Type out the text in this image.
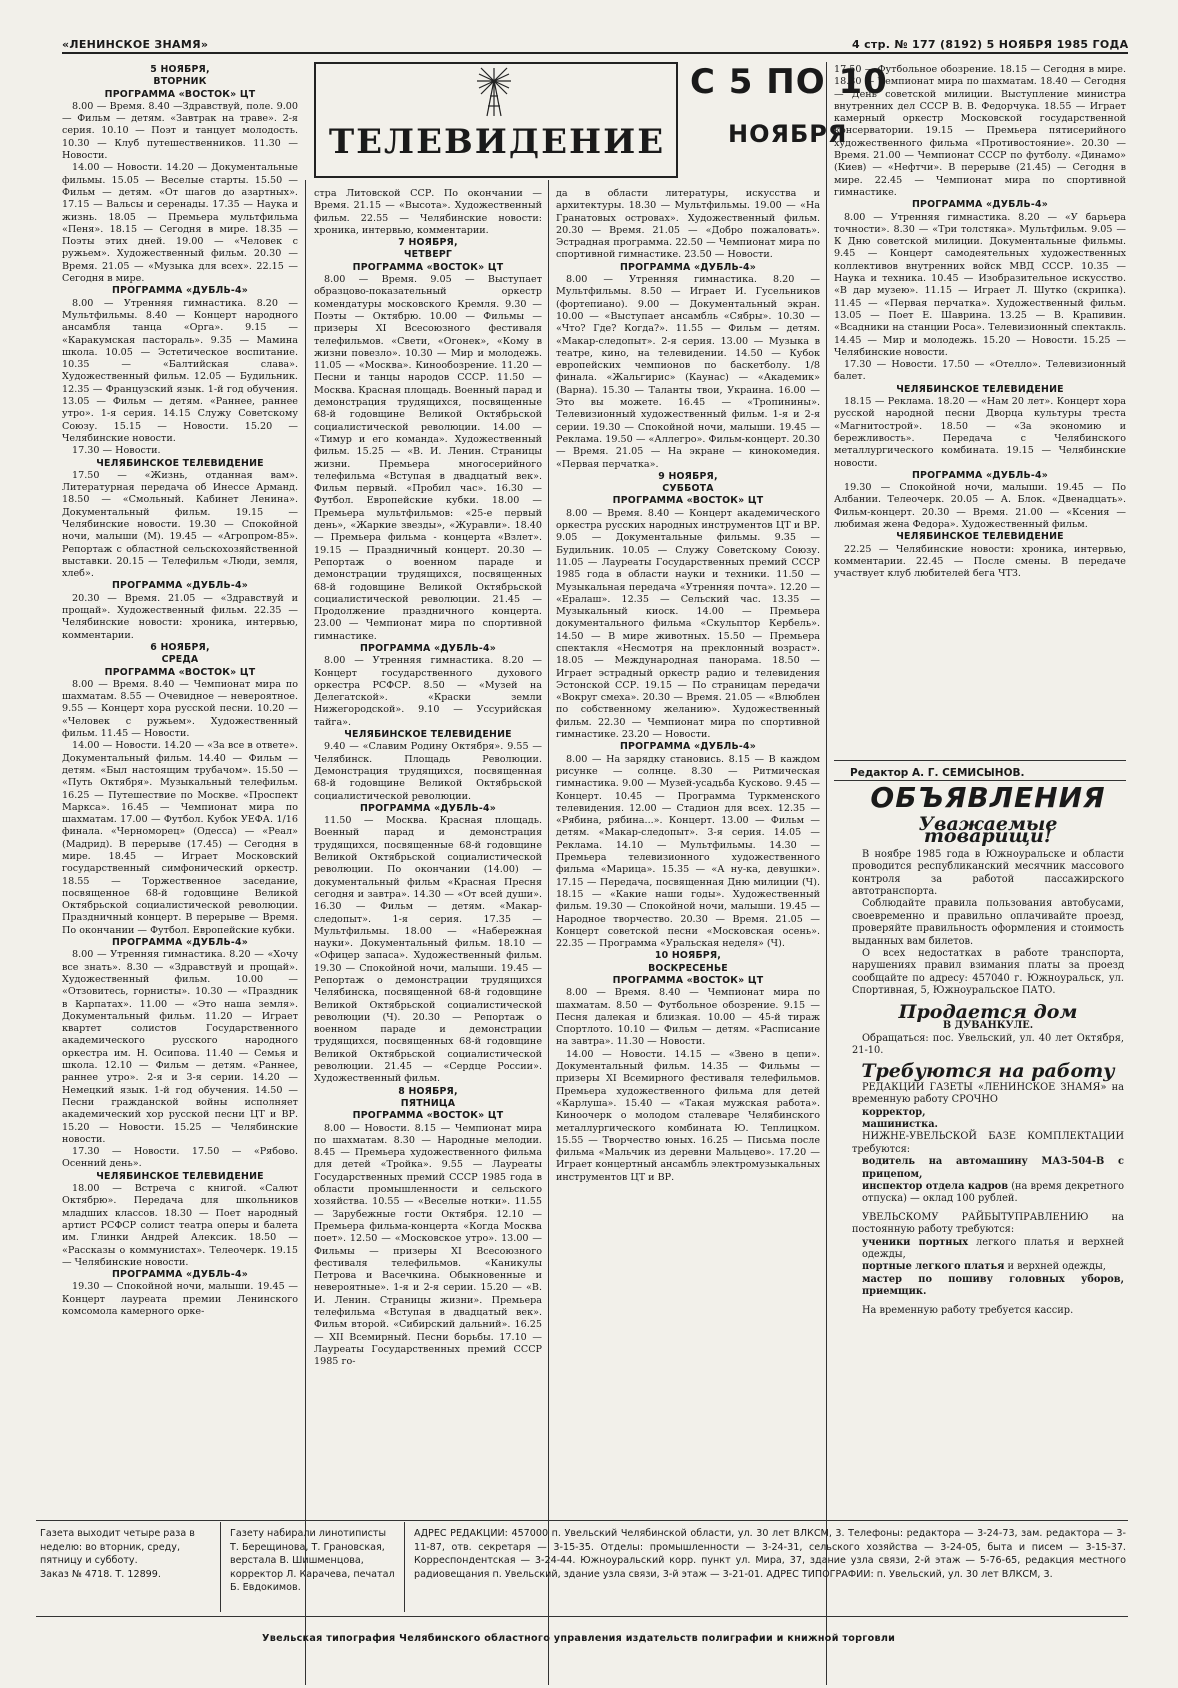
«ЛЕНИНСКОЕ ЗНАМЯ»	4 стр. № 177 (8192) 5 НОЯБРЯ 1985 ГОДА
ТЕЛЕВИДЕНИЕ
С 5 ПО 10
НОЯБРЯ
5 НОЯБРЯ,
ВТОРНИК
ПРОГРАММА «ВОСТОК» ЦТ

8.00 — Время. 8.40 —Здравствуй, поле. 9.00 — Фильм — детям. «Завтрак на траве». 2-я серия. 10.10 — Поэт и танцует молодость. 10.30 — Клуб путешественников. 11.30 — Новости.

14.00 — Новости. 14.20 — Документальные фильмы. 15.05 — Веселые старты. 15.50 — Фильм — детям. «От шагов до азартных». 17.15 — Вальсы и серенады. 17.35 — Наука и жизнь. 18.05 — Премьера мультфильма «Пеня». 18.15 — Сегодня в мире. 18.35 — Поэты этих дней. 19.00 — «Человек с ружьем». Художественный фильм. 20.30 — Время. 21.05 — «Музыка для всех». 22.15 — Сегодня в мире.

ПРОГРАММА «ДУБЛЬ-4»

8.00 — Утренняя гимнастика. 8.20 — Мультфильмы. 8.40 — Концерт народного ансамбля танца «Орга». 9.15 — «Каракумская пастораль». 9.35 — Мамина школа. 10.05 — Эстетическое воспитание. 10.35 — «Балтийская слава». Художественный фильм. 12.05 — Будильник. 12.35 — Французский язык. 1-й год обучения. 13.05 — Фильм — детям. «Раннее, раннее утро». 1-я серия. 14.15 Служу Советскому Союзу. 15.15 — Новости. 15.20 — Челябинские новости.

17.30 — Новости.

ЧЕЛЯБИНСКОЕ ТЕЛЕВИДЕНИЕ

17.50 — «Жизнь, отданная вам». Литературная передача об Инессе Арманд. 18.50 — «Смольный. Кабинет Ленина». Документальный фильм. 19.15 — Челябинские новости. 19.30 — Спокойной ночи, малыши (М). 19.45 — «Агропром-85». Репортаж с областной сельскохозяйственной выставки. 20.15 — Телефильм «Люди, земля, хлеб».

ПРОГРАММА «ДУБЛЬ-4»

20.30 — Время. 21.05 — «Здравствуй и прощай». Художественный фильм. 22.35 — Челябинские новости: хроника, интервью, комментарии.

6 НОЯБРЯ,
СРЕДА
ПРОГРАММА «ВОСТОК» ЦТ

8.00 — Время. 8.40 — Чемпионат мира по шахматам. 8.55 — Очевидное — невероятное. 9.55 — Концерт хора русской песни. 10.20 — «Человек с ружьем». Художественный фильм. 11.45 — Новости.

14.00 — Новости. 14.20 — «За все в ответе». Документальный фильм. 14.40 — Фильм — детям. «Был настоящим трубачом». 15.50 — «Путь Октября». Музыкальный телефильм. 16.25 — Путешествие по Москве. «Проспект Маркса». 16.45 — Чемпионат мира по шахматам. 17.00 — Футбол. Кубок УЕФА. 1/16 финала. «Черноморец» (Одесса) — «Реал» (Мадрид). В перерыве (17.45) — Сегодня в мире. 18.45 — Играет Московский государственный симфонический оркестр. 18.55 — Торжественное заседание, посвященное 68-й годовщине Великой Октябрьской социалистической революции. Праздничный концерт. В перерыве — Время. По окончании — Футбол. Европейские кубки.

ПРОГРАММА «ДУБЛЬ-4»

8.00 — Утренняя гимнастика. 8.20 — «Хочу все знать». 8.30 — «Здравствуй и прощай». Художественный фильм. 10.00 — «Отзовитесь, горнисты». 10.30 — «Праздник в Карпатах». 11.00 — «Это наша земля». Документальный фильм. 11.20 — Играет квартет солистов Государственного академического русского народного оркестра им. Н. Осипова. 11.40 — Семья и школа. 12.10 — Фильм — детям. «Раннее, раннее утро». 2-я и 3-я серии. 14.20 — Немецкий язык. 1-й год обучения. 14.50 — Песни гражданской войны исполняет академический хор русской песни ЦТ и ВР. 15.20 — Новости. 15.25 — Челябинские новости.

17.30 — Новости. 17.50 — «Рябово. Осенний день».

ЧЕЛЯБИНСКОЕ ТЕЛЕВИДЕНИЕ

18.00 — Встреча с книгой. «Салют Октябрю». Передача для школьников младших классов. 18.30 — Поет народный артист РСФСР солист театра оперы и балета им. Глинки Андрей Алексик. 18.50 — «Рассказы о коммунистах». Телеочерк. 19.15 — Челябинские новости.

ПРОГРАММА «ДУБЛЬ-4»

19.30 — Спокойной ночи, малыши. 19.45 — Концерт лауреата премии Ленинского комсомола камерного орке-

стра Литовской ССР. По окончании — Время. 21.15 — «Высота». Художественный фильм. 22.55 — Челябинские новости: хроника, интервью, комментарии.

7 НОЯБРЯ,
ЧЕТВЕРГ
ПРОГРАММА «ВОСТОК» ЦТ

8.00 — Время. 9.05 — Выступает образцово-показательный оркестр комендатуры московского Кремля. 9.30 — Поэты — Октябрю. 10.00 — Фильмы — призеры XI Всесоюзного фестиваля телефильмов. «Свети, «Огонек», «Кому в жизни повезло». 10.30 — Мир и молодежь. 11.05 — «Москва». Кинообозрение. 11.20 — Песни и танцы народов СССР. 11.50 — Москва. Красная площадь. Военный парад и демонстрация трудящихся, посвященные 68-й годовщине Великой Октябрьской социалистической революции. 14.00 — «Тимур и его команда». Художественный фильм. 15.25 — «В. И. Ленин. Страницы жизни. Премьера многосерийного телефильма «Вступая в двадцатый век». Фильм первый. «Пробил час». 16.30 — Футбол. Европейские кубки. 18.00 — Премьера мультфильмов: «25-е первый день», «Жаркие звезды», «Журавли». 18.40 — Премьера фильма - концерта «Взлет». 19.15 — Праздничный концерт. 20.30 — Репортаж о военном параде и демонстрации трудящихся, посвященных 68-й годовщине Великой Октябрьской социалистической революции. 21.45 — Продолжение праздничного концерта. 23.00 — Чемпионат мира по спортивной гимнастике.

ПРОГРАММА «ДУБЛЬ-4»

8.00 — Утренняя гимнастика. 8.20 — Концерт государственного духового оркестра РСФСР. 8.50 — «Музей на Делегатской». «Краски земли Нижегородской». 9.10 — Уссурийская тайга».

ЧЕЛЯБИНСКОЕ ТЕЛЕВИДЕНИЕ

9.40 — «Славим Родину Октября». 9.55 — Челябинск. Площадь Революции. Демонстрация трудящихся, посвященная 68-й годовщине Великой Октябрьской социалистической революции.

ПРОГРАММА «ДУБЛЬ-4»

11.50 — Москва. Красная площадь. Военный парад и демонстрация трудящихся, посвященные 68-й годовщине Великой Октябрьской социалистической революции. По окончании (14.00) — документальный фильм «Красная Пресня сегодня и завтра». 14.30 — «От всей души». 16.30 — Фильм — детям. «Макар-следопыт». 1-я серия. 17.35 — Мультфильмы. 18.00 — «Набережная науки». Документальный фильм. 18.10 — «Офицер запаса». Художественный фильм. 19.30 — Спокойной ночи, малыши. 19.45 — Репортаж о демонстрации трудящихся Челябинска, посвященной 68-й годовщине Великой Октябрьской социалистической революции (Ч). 20.30 — Репортаж о военном параде и демонстрации трудящихся, посвященных 68-й годовщине Великой Октябрьской социалистической революции. 21.45 — «Сердце России». Художественный фильм.

8 НОЯБРЯ,
ПЯТНИЦА
ПРОГРАММА «ВОСТОК» ЦТ

8.00 — Новости. 8.15 — Чемпионат мира по шахматам. 8.30 — Народные мелодии. 8.45 — Премьера художественного фильма для детей «Тройка». 9.55 — Лауреаты Государственных премий СССР 1985 года в области промышленности и сельского хозяйства. 10.55 — «Веселые нотки». 11.55 — Зарубежные гости Октября. 12.10 — Премьера фильма-концерта «Когда Москва поет». 12.50 — «Московское утро». 13.00 — Фильмы — призеры XI Всесоюзного фестиваля телефильмов. «Каникулы Петрова и Васечкина. Обыкновенные и невероятные». 1-я и 2-я серии. 15.20 — «В. И. Ленин. Страницы жизни». Премьера телефильма «Вступая в двадцатый век». Фильм второй. «Сибирский дальний». 16.25 — XII Всемирный. Песни борьбы. 17.10 — Лауреаты Государственных премий СССР 1985 го-

да в области литературы, искусства и архитектуры. 18.30 — Мультфильмы. 19.00 — «На Гранатовых островах». Художественный фильм. 20.30 — Время. 21.05 — «Добро пожаловать». Эстрадная программа. 22.50 — Чемпионат мира по спортивной гимнастике. 23.50 — Новости.

ПРОГРАММА «ДУБЛЬ-4»

8.00 — Утренняя гимнастика. 8.20 — Мультфильмы. 8.50 — Играет И. Гусельников (фортепиано). 9.00 — Документальный экран. 10.00 — «Выступает ансамбль «Сябры». 10.30 — «Что? Где? Когда?». 11.55 — Фильм — детям. «Макар-следопыт». 2-я серия. 13.00 — Музыка в театре, кино, на телевидении. 14.50 — Кубок европейских чемпионов по баскетболу. 1/8 финала. «Жальгирис» (Каунас) — «Академик» (Варна). 15.30 — Таланты твои, Украина. 16.00 — Это вы можете. 16.45 — «Тропинины». Телевизионный художественный фильм. 1-я и 2-я серии. 19.30 — Спокойной ночи, малыши. 19.45 — Реклама. 19.50 — «Аллегро». Фильм-концерт. 20.30 — Время. 21.05 — На экране — кинокомедия. «Первая перчатка».

9 НОЯБРЯ,
СУББОТА
ПРОГРАММА «ВОСТОК» ЦТ

8.00 — Время. 8.40 — Концерт академического оркестра русских народных инструментов ЦТ и ВР. 9.05 — Документальные фильмы. 9.35 — Будильник. 10.05 — Служу Советскому Союзу. 11.05 — Лауреаты Государственных премий СССР 1985 года в области науки и техники. 11.50 — Музыкальная передача «Утренняя почта». 12.20 — «Ералаш». 12.35 — Сельский час. 13.35 — Музыкальный киоск. 14.00 — Премьера документального фильма «Скульптор Кербель». 14.50 — В мире животных. 15.50 — Премьера спектакля «Несмотря на преклонный возраст». 18.05 — Международная панорама. 18.50 — Играет эстрадный оркестр радио и телевидения Эстонской ССР. 19.15 — По страницам передачи «Вокруг смеха». 20.30 — Время. 21.05 — «Влюблен по собственному желанию». Художественный фильм. 22.30 — Чемпионат мира по спортивной гимнастике. 23.20 — Новости.

ПРОГРАММА «ДУБЛЬ-4»

8.00 — На зарядку становись. 8.15 — В каждом рисунке — солнце. 8.30 — Ритмическая гимнастика. 9.00 — Музей-усадьба Кусково. 9.45 — Концерт. 10.45 — Программа Туркменского телевидения. 12.00 — Стадион для всех. 12.35 — «Рябина, рябина...». Концерт. 13.00 — Фильм — детям. «Макар-следопыт». 3-я серия. 14.05 — Реклама. 14.10 — Мультфильмы. 14.30 — Премьера телевизионного художественного фильма «Марица». 15.35 — «А ну-ка, девушки». 17.15 — Передача, посвященная Дню милиции (Ч). 18.15 — «Какие наши годы». Художественный фильм. 19.30 — Спокойной ночи, малыши. 19.45 — Народное творчество. 20.30 — Время. 21.05 — Концерт советской песни «Московская осень». 22.35 — Программа «Уральская неделя» (Ч).

10 НОЯБРЯ,
ВОСКРЕСЕНЬЕ
ПРОГРАММА «ВОСТОК» ЦТ

8.00 — Время. 8.40 — Чемпионат мира по шахматам. 8.50 — Футбольное обозрение. 9.15 — Песня далекая и близкая. 10.00 — 45-й тираж Спортлото. 10.10 — Фильм — детям. «Расписание на завтра». 11.30 — Новости.

14.00 — Новости. 14.15 — «Звено в цепи». Документальный фильм. 14.35 — Фильмы — призеры XI Всемирного фестиваля телефильмов. Премьера художественного фильма для детей «Карлуша». 15.40 — «Такая мужская работа». Киноочерк о молодом сталеваре Челябинского металлургического комбината Ю. Теплицком. 15.55 — Творчество юных. 16.25 — Письма после фильма «Мальчик из деревни Мальцево». 17.20 — Играет концертный ансамбль электромузыкальных инструментов ЦТ и ВР.

17.50 — Футбольное обозрение. 18.15 — Сегодня в мире. 18.30 — Чемпионат мира по шахматам. 18.40 — Сегодня — День советской милиции. Выступление министра внутренних дел СССР В. В. Федорчука. 18.55 — Играет камерный оркестр Московской государственной консерватории. 19.15 — Премьера пятисерийного художественного фильма «Противостояние». 20.30 — Время. 21.00 — Чемпионат СССР по футболу. «Динамо» (Киев) — «Нефтчи». В перерыве (21.45) — Сегодня в мире. 22.45 — Чемпионат мира по спортивной гимнастике.

ПРОГРАММА «ДУБЛЬ-4»

8.00 — Утренняя гимнастика. 8.20 — «У барьера точности». 8.30 — «Три толстяка». Мультфильм. 9.05 — К Дню советской милиции. Документальные фильмы. 9.45 — Концерт самодеятельных художественных коллективов внутренних войск МВД СССР. 10.35 — Наука и техника. 10.45 — Изобразительное искусство. «В дар музею». 11.15 — Играет Л. Шутко (скрипка). 11.45 — «Первая перчатка». Художественный фильм. 13.05 — Поет Е. Шаврина. 13.25 — В. Крапивин. «Всадники на станции Роса». Телевизионный спектакль. 14.45 — Мир и молодежь. 15.20 — Новости. 15.25 — Челябинские новости.

17.30 — Новости. 17.50 — «Отелло». Телевизионный балет.

ЧЕЛЯБИНСКОЕ ТЕЛЕВИДЕНИЕ

18.15 — Реклама. 18.20 — «Нам 20 лет». Концерт хора русской народной песни Дворца культуры треста «Магнитострой». 18.50 — «За экономию и бережливость». Передача с Челябинского металлургического комбината. 19.15 — Челябинские новости.

ПРОГРАММА «ДУБЛЬ-4»

19.30 — Спокойной ночи, малыши. 19.45 — По Албании. Телеочерк. 20.05 — А. Блок. «Двенадцать». Фильм-концерт. 20.30 — Время. 21.00 — «Ксения — любимая жена Федора». Художественный фильм.

ЧЕЛЯБИНСКОЕ ТЕЛЕВИДЕНИЕ

22.25 — Челябинские новости: хроника, интервью, комментарии. 22.45 — После смены. В передаче участвует клуб любителей бега ЧТЗ.

Редактор А. Г. СЕМИСЫНОВ.
ОБЪЯВЛЕНИЯ
Уважаемые товарищи!

В ноябре 1985 года в Южноуральске и области проводится республиканский месячник массового контроля за работой пассажирского автотранспорта.

Соблюдайте правила пользования автобусами, своевременно и правильно оплачивайте проезд, проверяйте правильность оформления и стоимость выданных вам билетов.

О всех недостатках в работе транспорта, нарушениях правил взимания платы за проезд сообщайте по адресу: 457040 г. Южноуральск, ул. Спортивная, 5, Южноуральское ПАТО.

Продается дом
В ДУВАНКУЛЕ.

Обращаться: пос. Увельский, ул. 40 лет Октября, 21-10.

Требуются на работу

РЕДАКЦИИ ГАЗЕТЫ «ЛЕНИНСКОЕ ЗНАМЯ» на временную работу СРОЧНО

корректор,
машинистка.

НИЖНЕ-УВЕЛЬСКОЙ БАЗЕ КОМПЛЕКТАЦИИ требуются:

водитель на автомашину МАЗ-504-В с прицепом,
инспектор отдела кадров (на время декретного отпуска) — оклад 100 рублей.

УВЕЛЬСКОМУ РАЙБЫТУПРАВЛЕНИЮ на постоянную работу требуются:

ученики портных легкого платья и верхней одежды,
портные легкого платья и верхней одежды,
мастер по пошиву головных уборов, приемщик.

На временную работу требуется кассир.

Газета выходит четыре раза в неделю: во вторник, среду, пятницу и субботу.
Заказ № 4718. Т. 12899.
Газету набирали линотиписты Т. Берещинова, Т. Грановская, верстала В. Шишменцова, корректор Л. Карачева, печатал Б. Евдокимов.
АДРЕС РЕДАКЦИИ: 457000 п. Увельский Челябинской области, ул. 30 лет ВЛКСМ, 3. Телефоны: редактора — 3-24-73, зам. редактора — 3-11-87, отв. секретаря — 3-15-35. Отделы: промышленности — 3-24-31, сельского хозяйства — 3-24-05, быта и писем — 3-15-37. Корреспондентская — 3-24-44. Южноуральский корр. пункт ул. Мира, 37, здание узла связи, 2-й этаж — 5-76-65, редакция местного радиовещания п. Увельский, здание узла связи, 3-й этаж — 3-21-01. АДРЕС ТИПОГРАФИИ: п. Увельский, ул. 30 лет ВЛКСМ, 3.
Увельская типография Челябинского областного управления издательств полиграфии и книжной торговли
